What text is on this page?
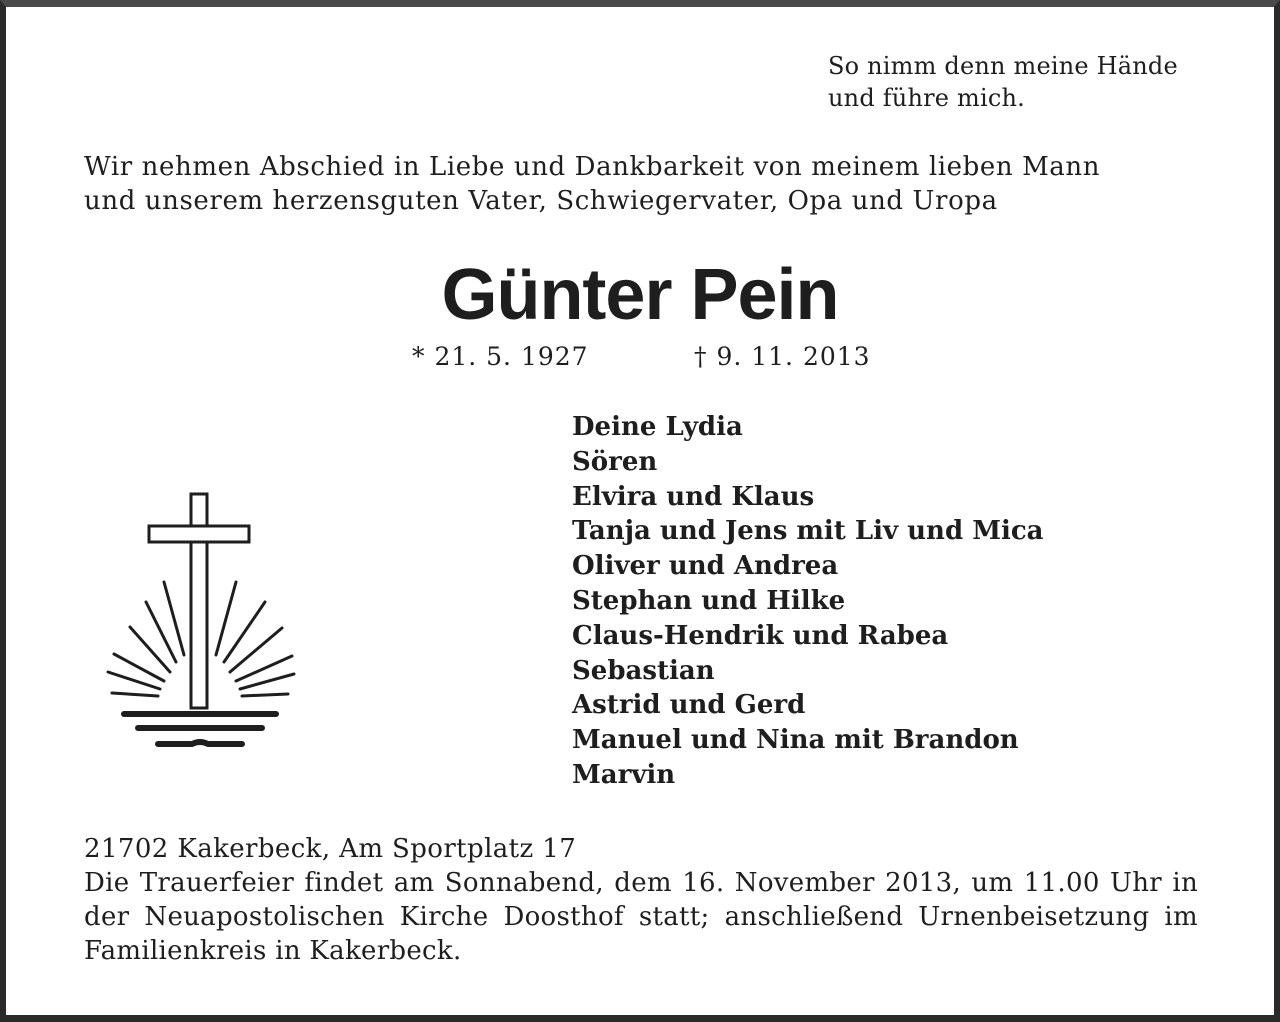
So nimm denn meine Hände
und führe mich.
Wir nehmen Abschied in Liebe und Dankbarkeit von meinem lieben Mann
und unserem herzensguten Vater, Schwiegervater, Opa und Uropa
Günter Pein
* 21. 5. 1927	† 9. 11. 2013
Deine Lydia
Sören
Elvira und Klaus
Tanja und Jens mit Liv und Mica
Oliver und Andrea
Stephan und Hilke
Claus-Hendrik und Rabea
Sebastian
Astrid und Gerd
Manuel und Nina mit Brandon
Marvin
21702 Kakerbeck, Am Sportplatz 17
Die Trauerfeier findet am Sonnabend, dem 16. November 2013, um 11.00 Uhr in der Neuapostolischen Kirche Doosthof statt; anschließend Urnenbeisetzung im Familienkreis in Kakerbeck.
